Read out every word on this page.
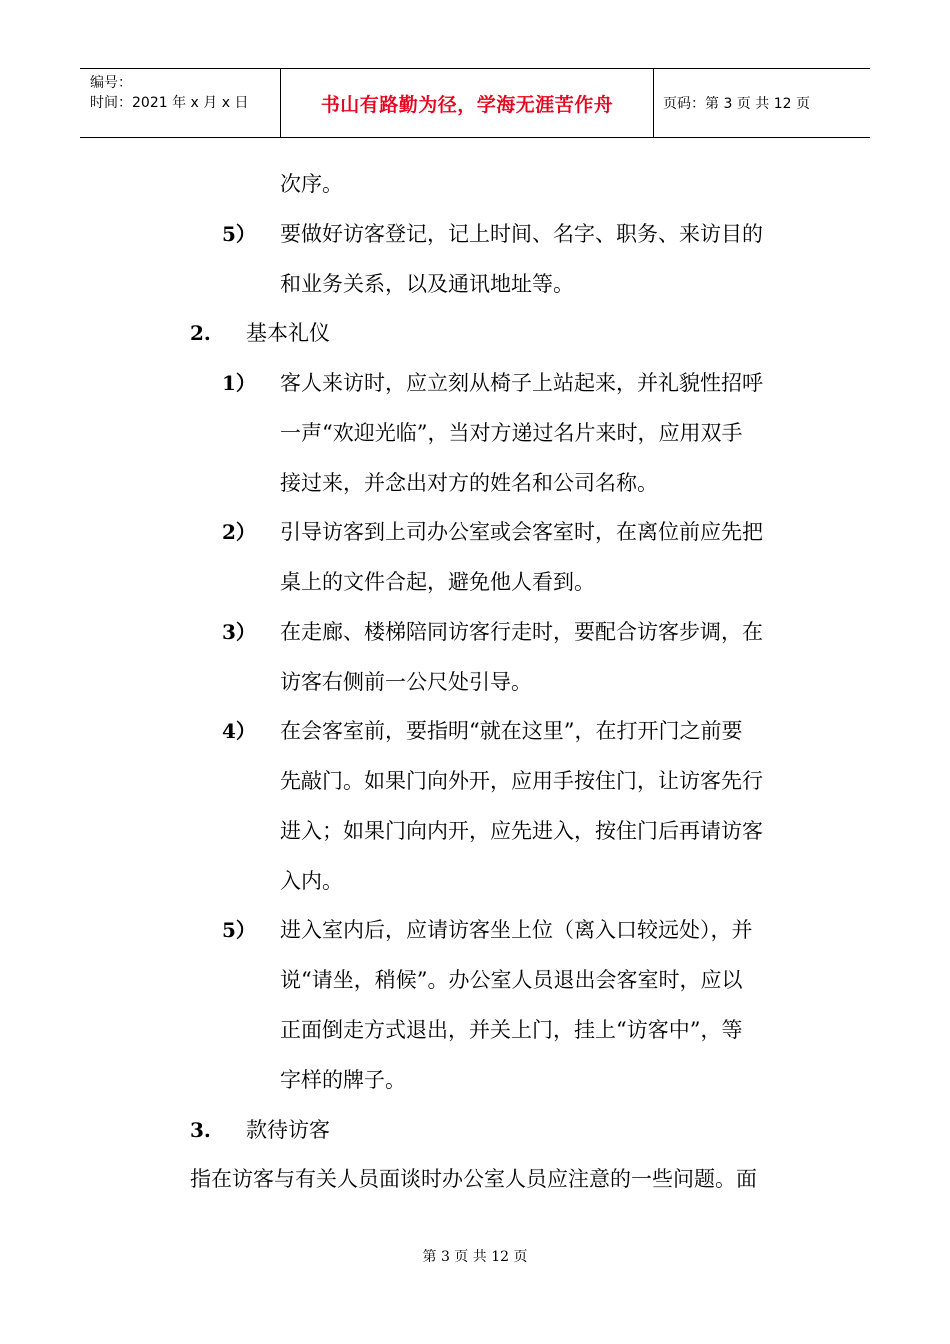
编号：
时间：2021 年 x 月 x 日	书山有路勤为径，学海无涯苦作舟	页码：第 3 页 共 12 页
次序。
5） 要做好访客登记，记上时间、名字、职务、来访目的
和业务关系，以及通讯地址等。
2. 基本礼仪
1） 客人来访时，应立刻从椅子上站起来，并礼貌性招呼
一声“欢迎光临”，当对方递过名片来时，应用双手
接过来，并念出对方的姓名和公司名称。
2） 引导访客到上司办公室或会客室时，在离位前应先把
桌上的文件合起，避免他人看到。
3） 在走廊、楼梯陪同访客行走时，要配合访客步调，在
访客右侧前一公尺处引导。
4） 在会客室前，要指明“就在这里”，在打开门之前要
先敲门。如果门向外开，应用手按住门，让访客先行
进入；如果门向内开，应先进入，按住门后再请访客
入内。
5） 进入室内后，应请访客坐上位（离入口较远处），并
说“请坐，稍候”。办公室人员退出会客室时，应以
正面倒走方式退出，并关上门，挂上“访客中”，等
字样的牌子。
3. 款待访客
指在访客与有关人员面谈时办公室人员应注意的一些问题。面
第 3 页 共 12 页
